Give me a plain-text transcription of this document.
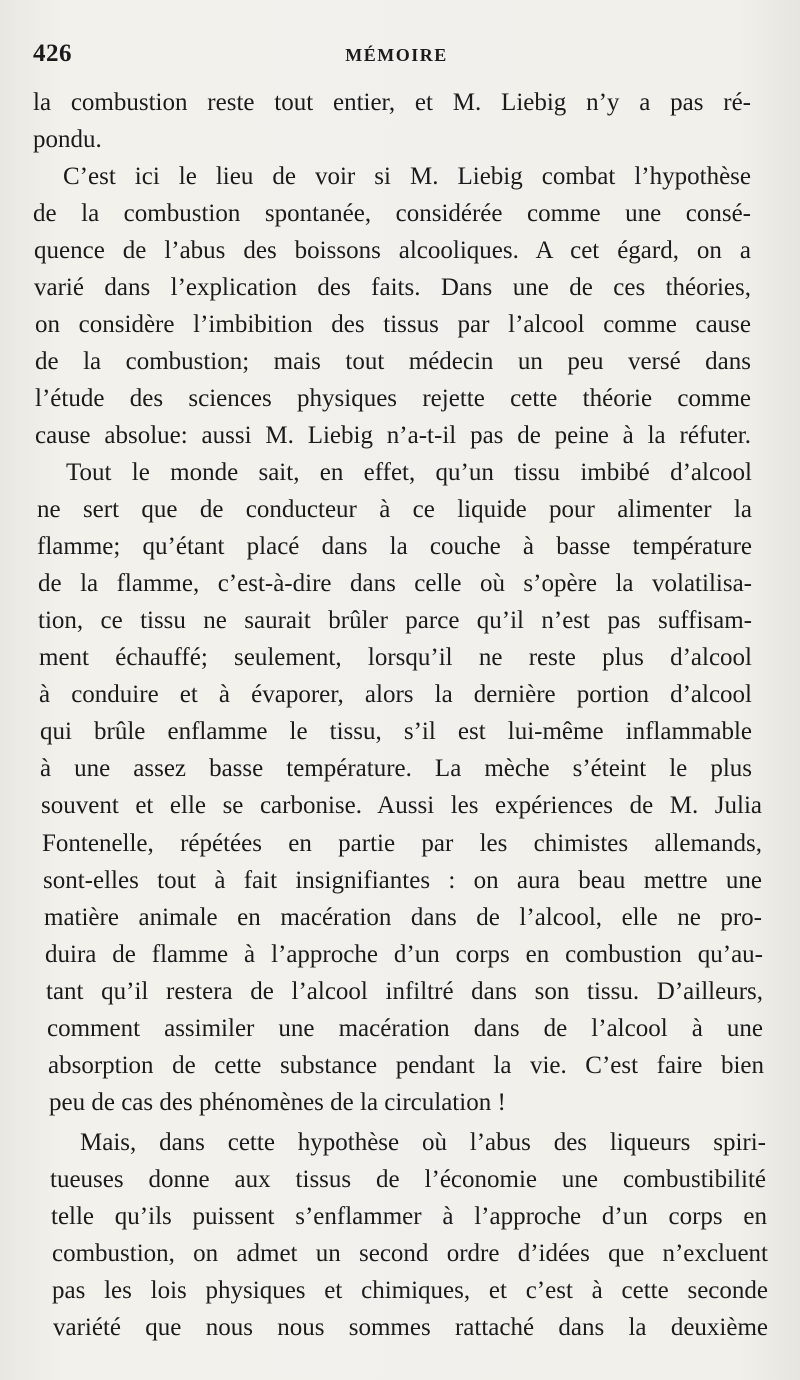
426	MÉMOIRE
la combustion reste tout entier, et M. Liebig n’y a pas ré-
pondu.
C’est ici le lieu de voir si M. Liebig combat l’hypothèse
de la combustion spontanée, considérée comme une consé-
quence de l’abus des boissons alcooliques. A cet égard, on a
varié dans l’explication des faits. Dans une de ces théories,
on considère l’imbibition des tissus par l’alcool comme cause
de la combustion; mais tout médecin un peu versé dans
l’étude des sciences physiques rejette cette théorie comme
cause absolue: aussi M. Liebig n’a-t-il pas de peine à la réfuter.
Tout le monde sait, en effet, qu’un tissu imbibé d’alcool
ne sert que de conducteur à ce liquide pour alimenter la
flamme; qu’étant placé dans la couche à basse température
de la flamme, c’est-à-dire dans celle où s’opère la volatilisa-
tion, ce tissu ne saurait brûler parce qu’il n’est pas suffisam-
ment échauffé; seulement, lorsqu’il ne reste plus d’alcool
à conduire et à évaporer, alors la dernière portion d’alcool
qui brûle enflamme le tissu, s’il est lui-même inflammable
à une assez basse température. La mèche s’éteint le plus
souvent et elle se carbonise. Aussi les expériences de M. Julia
Fontenelle, répétées en partie par les chimistes allemands,
sont-elles tout à fait insignifiantes : on aura beau mettre une
matière animale en macération dans de l’alcool, elle ne pro-
duira de flamme à l’approche d’un corps en combustion qu’au-
tant qu’il restera de l’alcool infiltré dans son tissu. D’ailleurs,
comment assimiler une macération dans de l’alcool à une
absorption de cette substance pendant la vie. C’est faire bien
peu de cas des phénomènes de la circulation !
Mais, dans cette hypothèse où l’abus des liqueurs spiri-
tueuses donne aux tissus de l’économie une combustibilité
telle qu’ils puissent s’enflammer à l’approche d’un corps en
combustion, on admet un second ordre d’idées que n’excluent
pas les lois physiques et chimiques, et c’est à cette seconde
variété que nous nous sommes rattaché dans la deuxième
